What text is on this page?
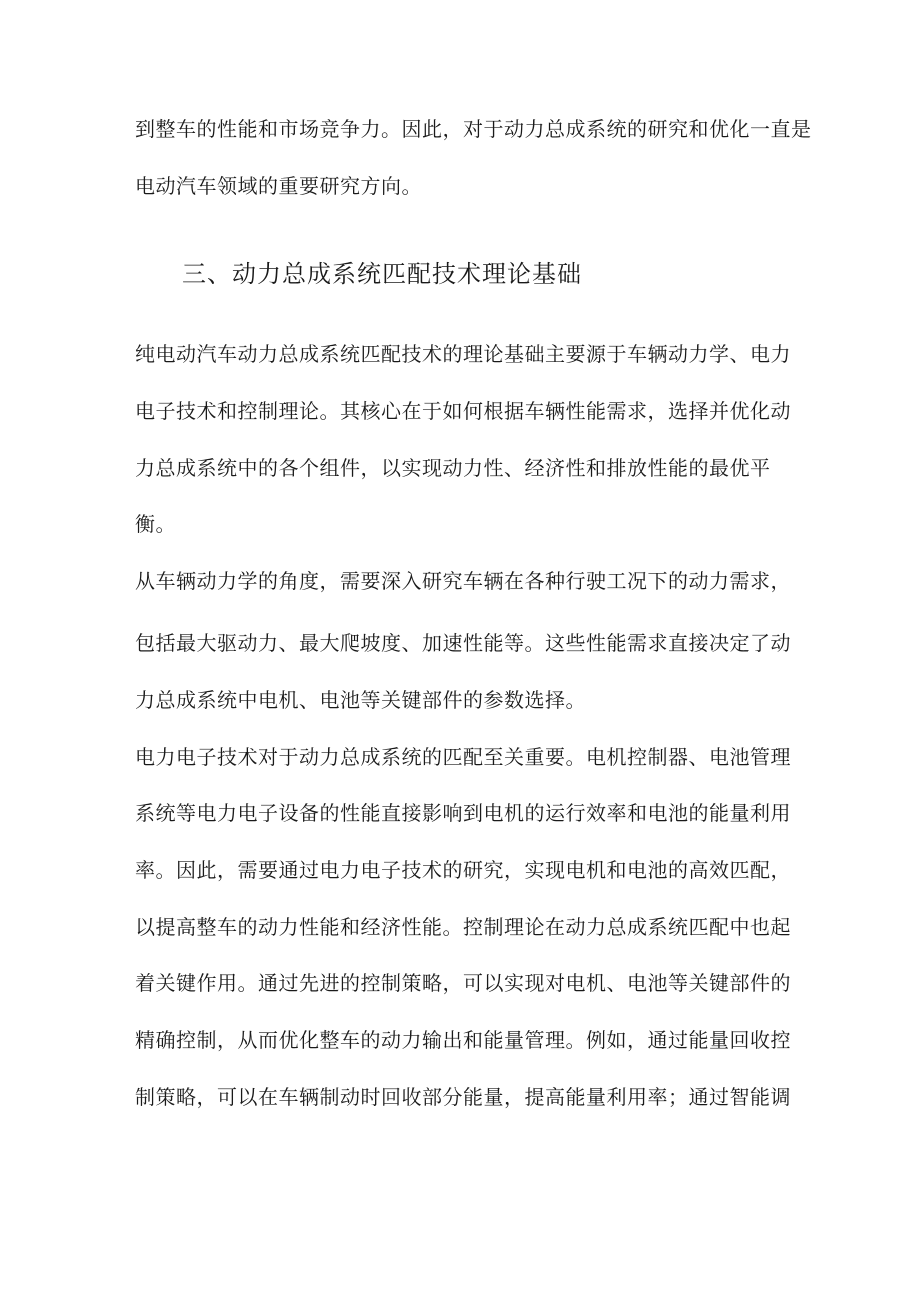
到整车的性能和市场竞争力。因此，对于动力总成系统的研究和优化一直是
电动汽车领域的重要研究方向。
三、动力总成系统匹配技术理论基础
纯电动汽车动力总成系统匹配技术的理论基础主要源于车辆动力学、电力
电子技术和控制理论。其核心在于如何根据车辆性能需求，选择并优化动
力总成系统中的各个组件，以实现动力性、经济性和排放性能的最优平
衡。
从车辆动力学的角度，需要深入研究车辆在各种行驶工况下的动力需求，
包括最大驱动力、最大爬坡度、加速性能等。这些性能需求直接决定了动
力总成系统中电机、电池等关键部件的参数选择。
电力电子技术对于动力总成系统的匹配至关重要。电机控制器、电池管理
系统等电力电子设备的性能直接影响到电机的运行效率和电池的能量利用
率。因此，需要通过电力电子技术的研究，实现电机和电池的高效匹配，
以提高整车的动力性能和经济性能。控制理论在动力总成系统匹配中也起
着关键作用。通过先进的控制策略，可以实现对电机、电池等关键部件的
精确控制，从而优化整车的动力输出和能量管理。例如，通过能量回收控
制策略，可以在车辆制动时回收部分能量，提高能量利用率；通过智能调
